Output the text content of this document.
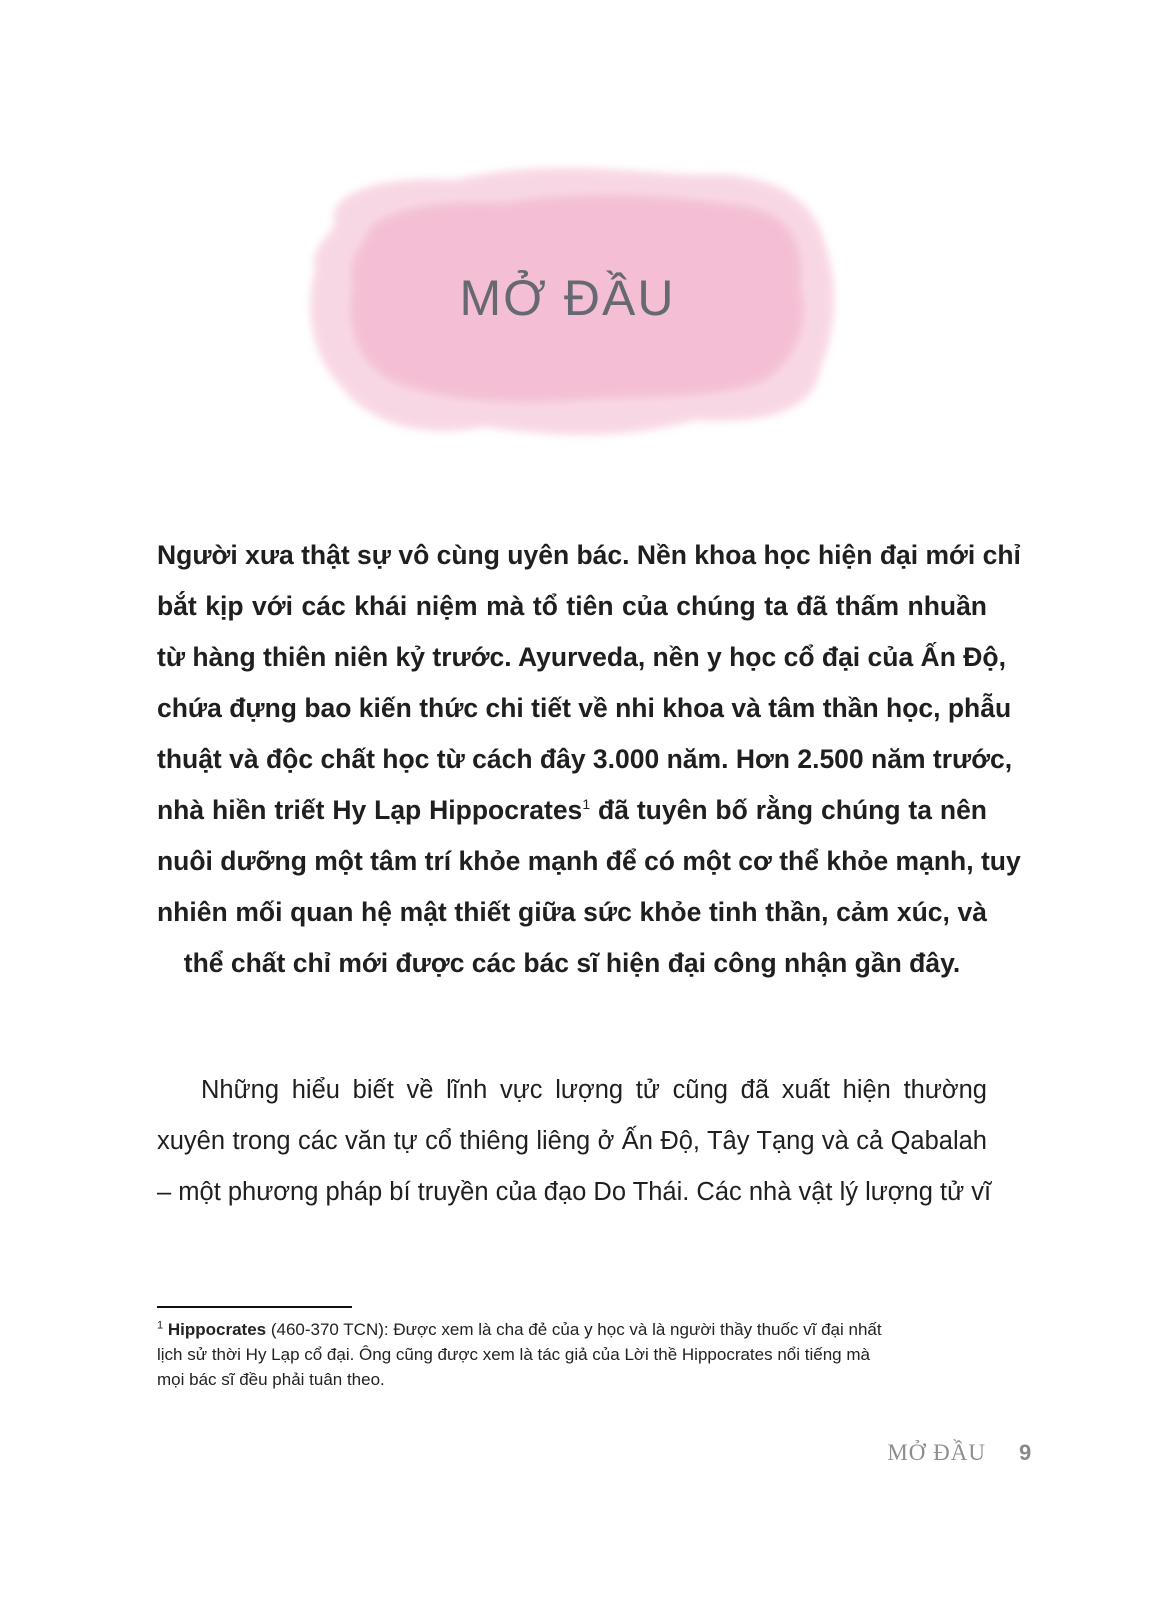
MỞ ĐẦU
Người xưa thật sự vô cùng uyên bác. Nền khoa học hiện đại mới chỉ
bắt kịp với các khái niệm mà tổ tiên của chúng ta đã thấm nhuần
từ hàng thiên niên kỷ trước. Ayurveda, nền y học cổ đại của Ấn Độ,
chứa đựng bao kiến thức chi tiết về nhi khoa và tâm thần học, phẫu
thuật và độc chất học từ cách đây 3.000 năm. Hơn 2.500 năm trước,
nhà hiền triết Hy Lạp Hippocrates$^1$ đã tuyên bố rằng chúng ta nên
nuôi dưỡng một tâm trí khỏe mạnh để có một cơ thể khỏe mạnh, tuy
nhiên mối quan hệ mật thiết giữa sức khỏe tinh thần, cảm xúc, và
thể chất chỉ mới được các bác sĩ hiện đại công nhận gần đây.
Những hiểu biết về lĩnh vực lượng tử cũng đã xuất hiện thường
xuyên trong các văn tự cổ thiêng liêng ở Ấn Độ, Tây Tạng và cả Qabalah
– một phương pháp bí truyền của đạo Do Thái. Các nhà vật lý lượng tử vĩ
$^1$ Hippocrates (460-370 TCN): Được xem là cha đẻ của y học và là người thầy thuốc vĩ đại nhất
lịch sử thời Hy Lạp cổ đại. Ông cũng được xem là tác giả của Lời thề Hippocrates nổi tiếng mà
mọi bác sĩ đều phải tuân theo.
MỞ ĐẦU 9
